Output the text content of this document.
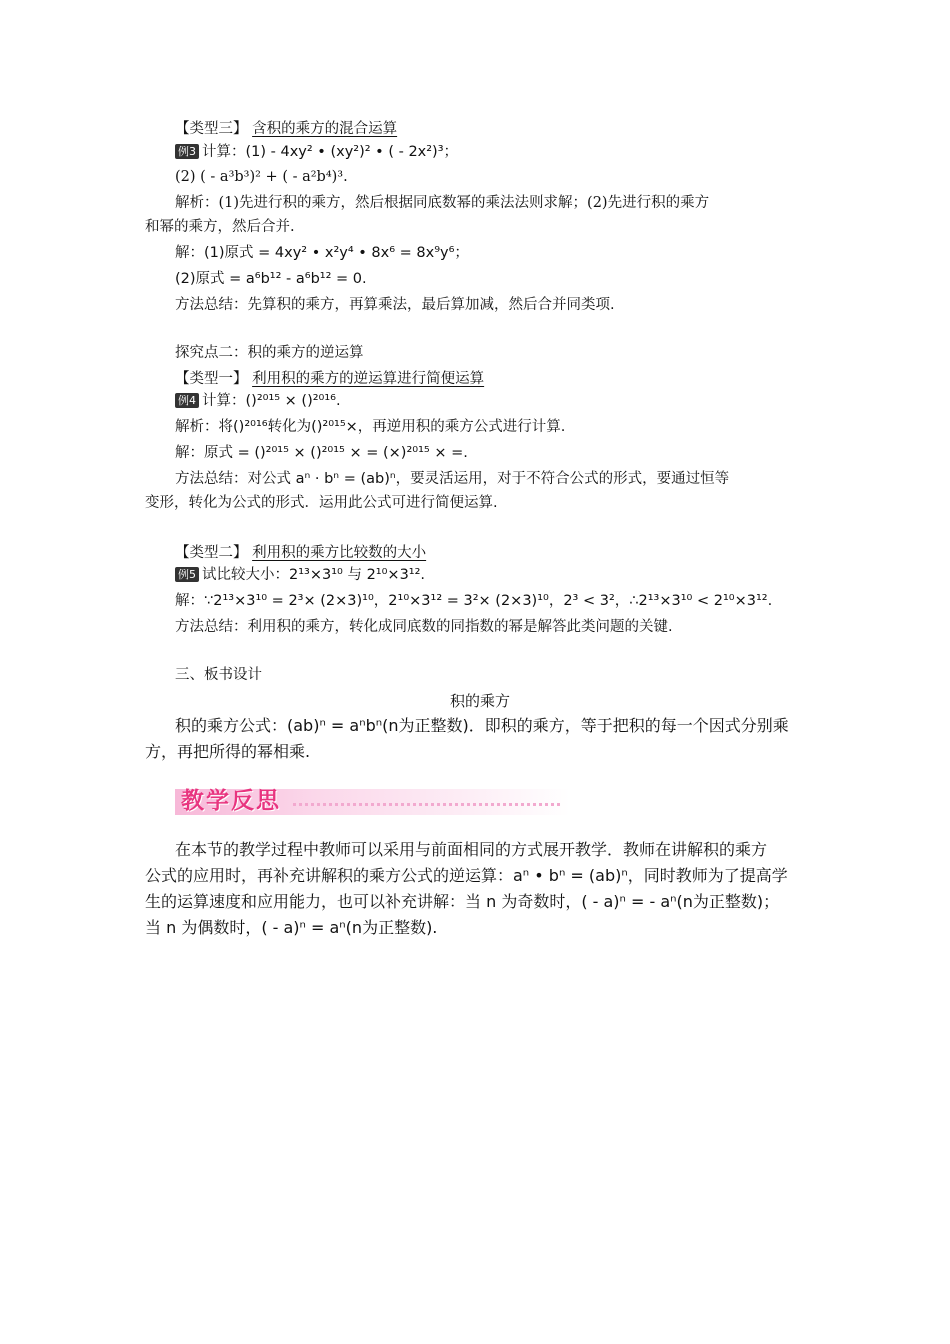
【类型三】 含积的乘方的混合运算
例3 计算：(1) - 4xy² • (xy²)² • ( - 2x²)³；
(2) ( - a³b³)² + ( - a²b⁴)³.
解析：(1)先进行积的乘方，然后根据同底数幂的乘法法则求解；(2)先进行积的乘方
和幂的乘方，然后合并.
解：(1)原式 = 4xy² • x²y⁴ • 8x⁶ = 8x⁹y⁶；
(2)原式 = a⁶b¹² - a⁶b¹² = 0.
方法总结：先算积的乘方，再算乘法，最后算加减，然后合并同类项.
探究点二：积的乘方的逆运算
【类型一】 利用积的乘方的逆运算进行简便运算
例4 计算：()²⁰¹⁵ × ()²⁰¹⁶.
解析：将()²⁰¹⁶转化为()²⁰¹⁵×，再逆用积的乘方公式进行计算.
解：原式 = ()²⁰¹⁵ × ()²⁰¹⁵ × = (×)²⁰¹⁵ × =.
方法总结：对公式 aⁿ · bⁿ = (ab)ⁿ，要灵活运用，对于不符合公式的形式，要通过恒等
变形，转化为公式的形式．运用此公式可进行简便运算.
【类型二】 利用积的乘方比较数的大小
例5 试比较大小：2¹³×3¹⁰ 与 2¹⁰×3¹².
解：∵2¹³×3¹⁰ = 2³× (2×3)¹⁰，2¹⁰×3¹² = 3²× (2×3)¹⁰，2³ < 3²，∴2¹³×3¹⁰ < 2¹⁰×3¹².
方法总结：利用积的乘方，转化成同底数的同指数的幂是解答此类问题的关键.
三、板书设计
积的乘方
积的乘方公式：(ab)ⁿ = aⁿbⁿ(n为正整数)．即积的乘方，等于把积的每一个因式分别乘
方，再把所得的幂相乘.
教学反思
在本节的教学过程中教师可以采用与前面相同的方式展开教学．教师在讲解积的乘方
公式的应用时，再补充讲解积的乘方公式的逆运算：aⁿ • bⁿ = (ab)ⁿ，同时教师为了提高学
生的运算速度和应用能力，也可以补充讲解：当 n 为奇数时，( - a)ⁿ = - aⁿ(n为正整数)；
当 n 为偶数时，( - a)ⁿ = aⁿ(n为正整数).
